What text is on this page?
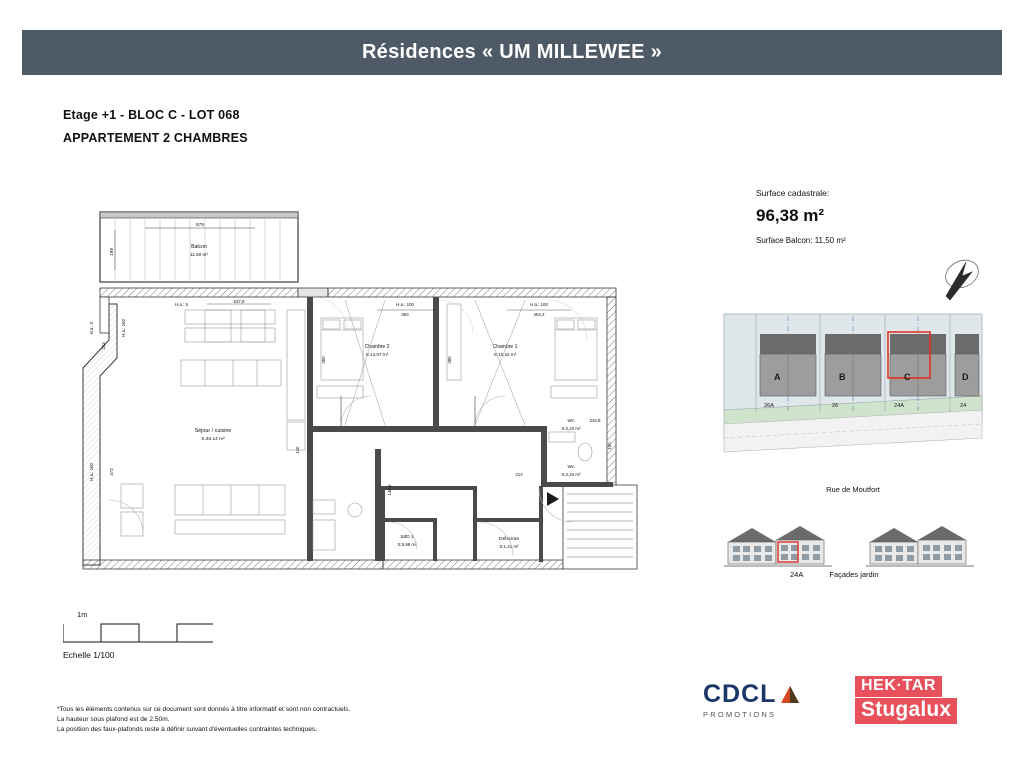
Résidences « UM MILLEWEE »
Etage +1 - BLOC C - LOT 068
APPARTEMENT 2 CHAMBRES
Surface cadastrale:
96,38 m²
Surface Balcon: 11,50 m²
Balcon
11,50 m²
578
199
Chambre 2
S:13,07 m²
Chambre 1
S:16,32 m²
Séjour / cuisine
S:46,14 m²
Wc
S:2,34 m²
Wc
S:2,34 m²
SdD 1
S:5,99 m²
Débarras
S:1,41 m²
H.a.: 5
537,5
H.a.: 100
363
H.a.: 100
453,3
H.a.: 0	H.a.: 100
253
H.a.: 100	473
360	380
110
140,5
233,8
100
214
1m
Echelle 1/100
*Tous les éléments contenus sur ce document sont donnés à titre informatif et sont non contractuels.
La hauteur sous plafond est de 2.50m.
La position des faux-plafonds reste à définir suivant d'éventuelles contraintes techniques.
A	B	C	D
26A	26	24A	24
Rue de Moutfort
24A	Façades jardin
CDCL
PROMOTIONS
HEK·TAR Stugalux
